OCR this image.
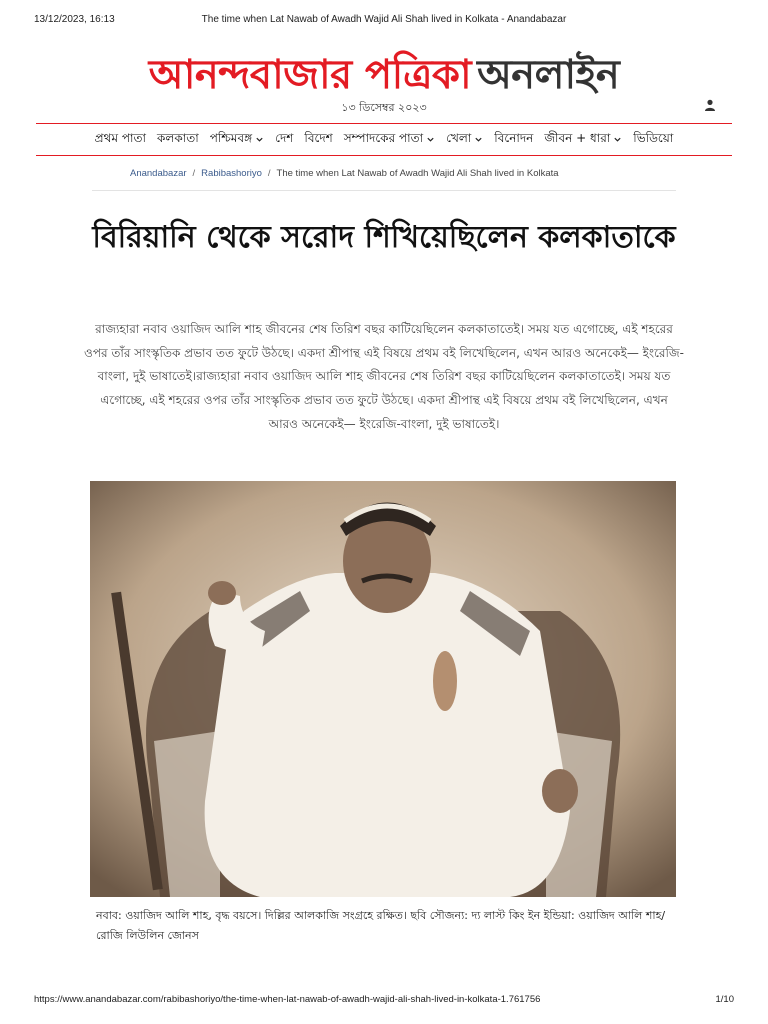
13/12/2023, 16:13	The time when Lat Nawab of Awadh Wajid Ali Shah lived in Kolkata - Anandabazar
আনন্দবাজার পত্রিকা অনলাইন
১৩ ডিসেম্বর ২০২৩
প্রথম পাতা কলকাতা পশ্চিমবঙ্গ দেশ বিদেশ সম্পাদকের পাতা খেলা বিনোদন জীবন + ধারা ভিডিয়ো
Anandabazar / Rabibashoriyo / The time when Lat Nawab of Awadh Wajid Ali Shah lived in Kolkata
বিরিয়ানি থেকে সরোদ শিখিয়েছিলেন কলকাতাকে

রাজ্যহারা নবাব ওয়াজিদ আলি শাহ জীবনের শেষ তিরিশ বছর কাটিয়েছিলেন কলকাতাতেই। সময় যত এগোচ্ছে, এই শহরের ওপর তাঁর সাংস্কৃতিক প্রভাব তত ফুটে উঠছে। একদা শ্রীপান্থ এই বিষয়ে প্রথম বই লিখেছিলেন, এখন আরও অনেকেই— ইংরেজি-বাংলা, দুই ভাষাতেই।রাজ্যহারা নবাব ওয়াজিদ আলি শাহ জীবনের শেষ তিরিশ বছর কাটিয়েছিলেন কলকাতাতেই। সময় যত এগোচ্ছে, এই শহরের ওপর তাঁর সাংস্কৃতিক প্রভাব তত ফুটে উঠছে। একদা শ্রীপান্থ এই বিষয়ে প্রথম বই লিখেছিলেন, এখন আরও অনেকেই— ইংরেজি-বাংলা, দুই ভাষাতেই।

নবাব: ওয়াজিদ আলি শাহ, বৃদ্ধ বয়সে। দিল্লির আলকাজি সংগ্রহে রক্ষিত। ছবি সৌজন্য: দ্য লাস্ট কিং ইন ইন্ডিয়া: ওয়াজিদ আলি শাহ/ রোজি লিউলিন জোনস

https://www.anandabazar.com/rabibashoriyo/the-time-when-lat-nawab-of-awadh-wajid-ali-shah-lived-in-kolkata-1.761756	1/10
